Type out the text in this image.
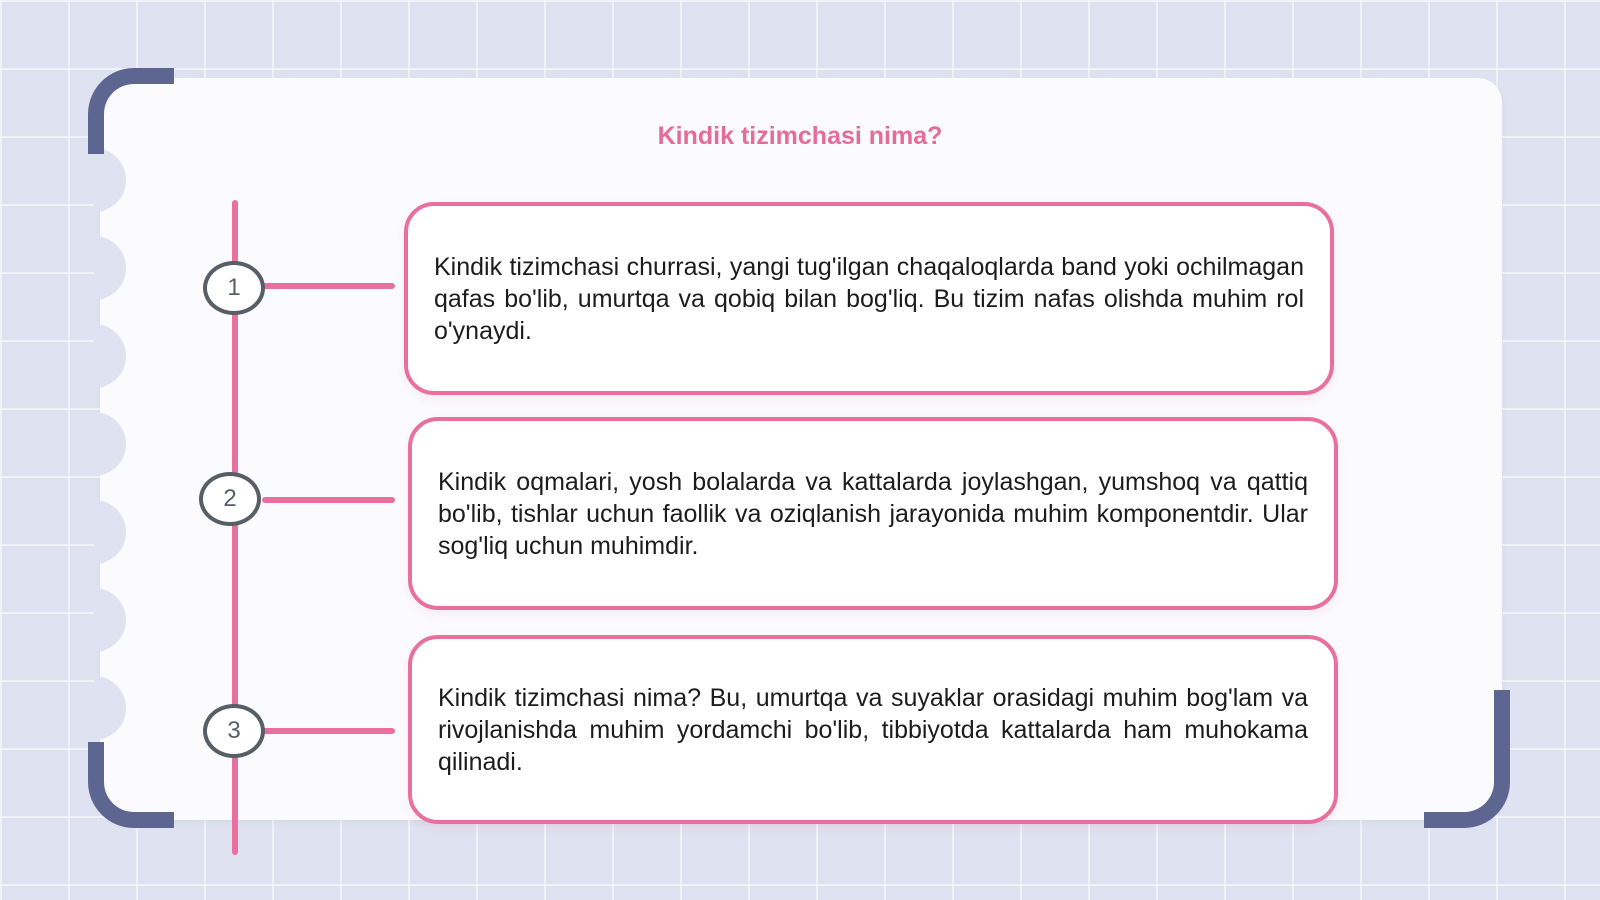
Kindik tizimchasi nima?
1

Kindik tizimchasi churrasi, yangi tug'ilgan chaqaloqlarda band yoki ochilmagan qafas bo'lib, umurtqa va qobiq bilan bog'liq. Bu tizim nafas olishda muhim rol o'ynaydi.

2

Kindik oqmalari, yosh bolalarda va kattalarda joylashgan, yumshoq va qattiq bo'lib, tishlar uchun faollik va oziqlanish jarayonida muhim komponentdir. Ular sog'liq uchun muhimdir.

3

Kindik tizimchasi nima? Bu, umurtqa va suyaklar orasidagi muhim bog'lam va rivojlanishda muhim yordamchi bo'lib, tibbiyotda kattalarda ham muhokama qilinadi.
